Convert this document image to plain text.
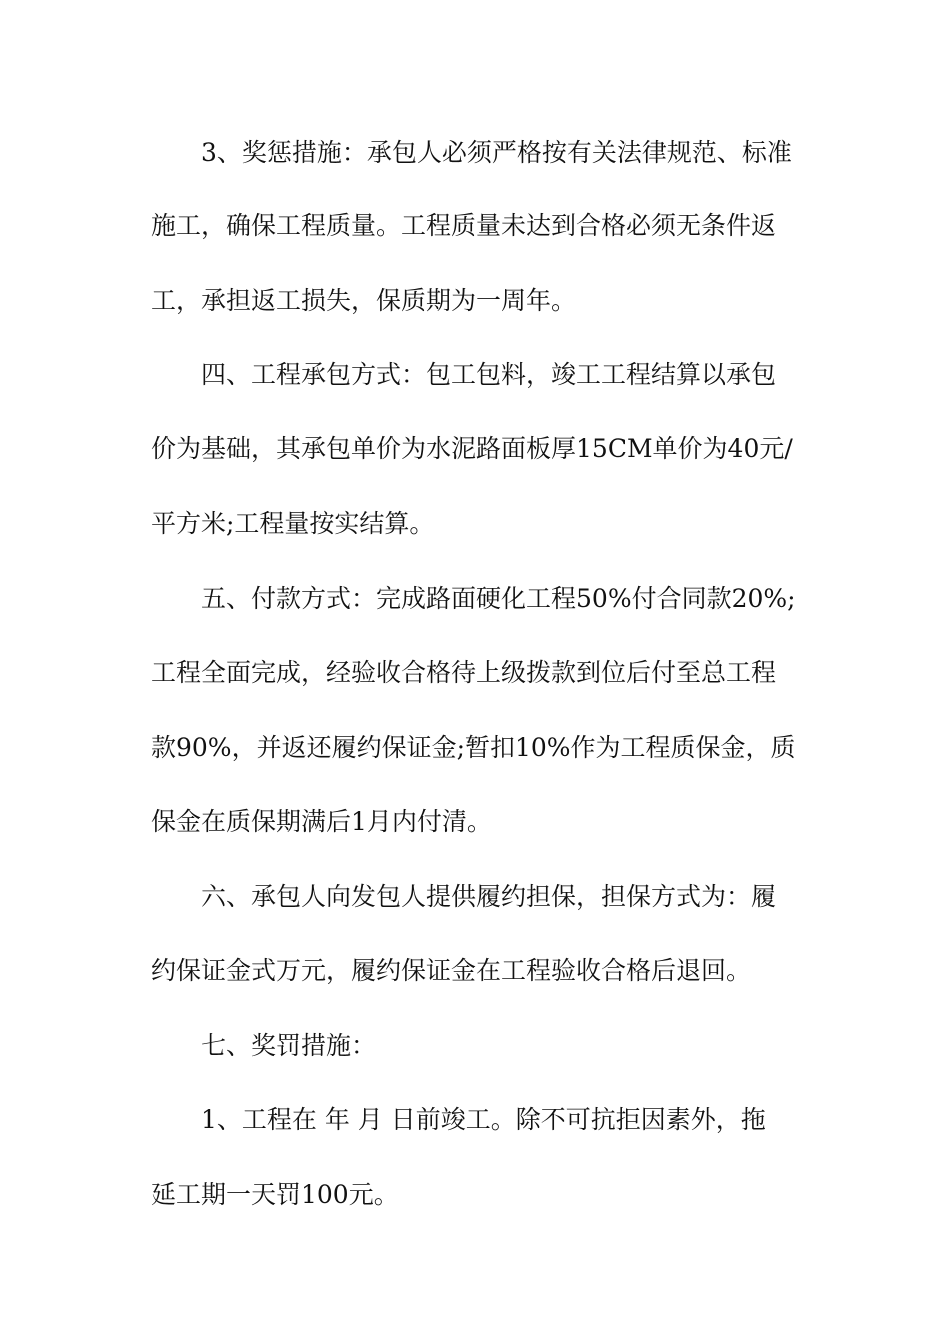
3、奖惩措施：承包人必须严格按有关法律规范、标准
施工，确保工程质量。工程质量未达到合格必须无条件返
工，承担返工损失，保质期为一周年。
四、工程承包方式：包工包料，竣工工程结算以承包
价为基础，其承包单价为水泥路面板厚15CM单价为40元/
平方米;工程量按实结算。
五、付款方式：完成路面硬化工程50%付合同款20%;
工程全面完成，经验收合格待上级拨款到位后付至总工程
款90%，并返还履约保证金;暂扣10%作为工程质保金，质
保金在质保期满后1月内付清。
六、承包人向发包人提供履约担保，担保方式为：履
约保证金式万元，履约保证金在工程验收合格后退回。
七、奖罚措施：
1、工程在 年 月 日前竣工。除不可抗拒因素外，拖
延工期一天罚100元。
